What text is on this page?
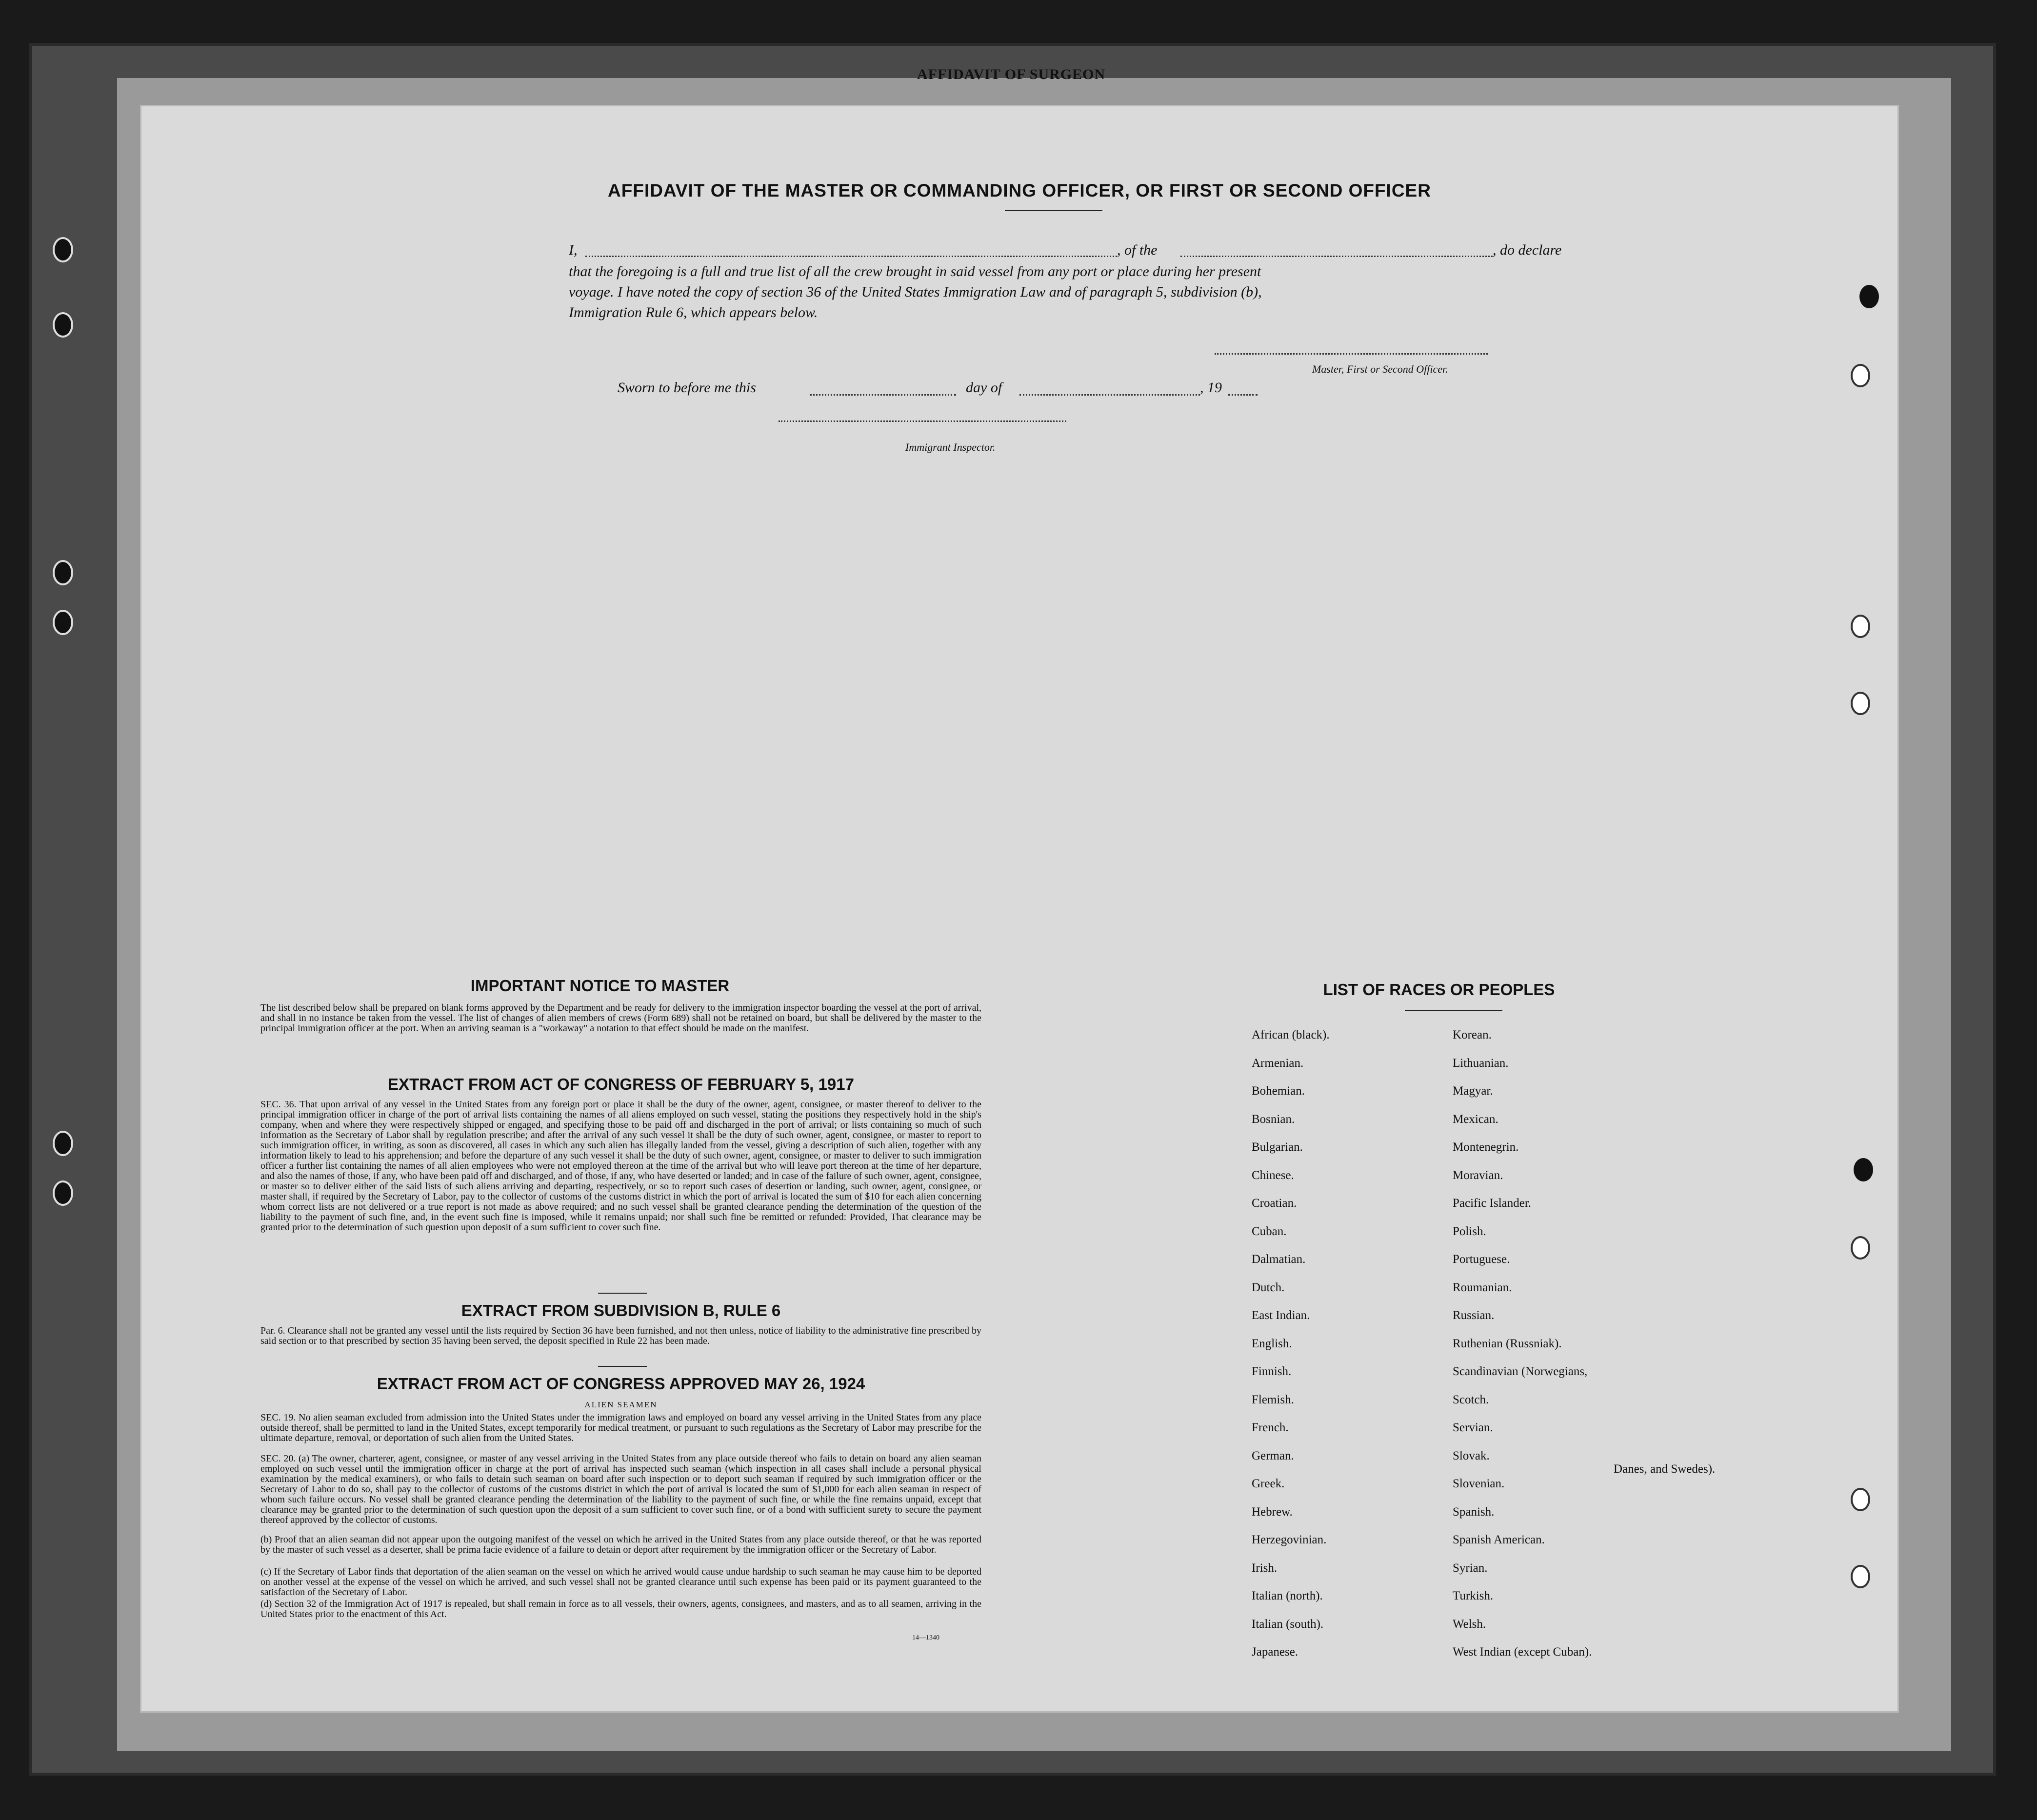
AFFIDAVIT OF SURGEON
AFFIDAVIT OF THE MASTER OR COMMANDING OFFICER, OR FIRST OR SECOND OFFICER
I,	, of the	, do declare
that the foregoing is a full and true list of all the crew brought in said vessel from any port or place during her present
voyage. I have noted the copy of section 36 of the United States Immigration Law and of paragraph 5, subdivision (b),
Immigration Rule 6, which appears below.
Master, First or Second Officer.
Sworn to before me this	day of	, 19
Immigrant Inspector.
IMPORTANT NOTICE TO MASTER
The list described below shall be prepared on blank forms approved by the Department and be ready for delivery to the immigration inspector boarding the vessel at the port of arrival, and shall in no instance be taken from the vessel. The list of changes of alien members of crews (Form 689) shall not be retained on board, but shall be delivered by the master to the principal immigration officer at the port. When an arriving seaman is a "workaway" a notation to that effect should be made on the manifest.
EXTRACT FROM ACT OF CONGRESS OF FEBRUARY 5, 1917
SEC. 36. That upon arrival of any vessel in the United States from any foreign port or place it shall be the duty of the owner, agent, consignee, or master thereof to deliver to the principal immigration officer in charge of the port of arrival lists containing the names of all aliens employed on such vessel, stating the positions they respectively hold in the ship's company, when and where they were respectively shipped or engaged, and specifying those to be paid off and discharged in the port of arrival; or lists containing so much of such information as the Secretary of Labor shall by regulation prescribe; and after the arrival of any such vessel it shall be the duty of such owner, agent, consignee, or master to report to such immigration officer, in writing, as soon as discovered, all cases in which any such alien has illegally landed from the vessel, giving a description of such alien, together with any information likely to lead to his apprehension; and before the departure of any such vessel it shall be the duty of such owner, agent, consignee, or master to deliver to such immigration officer a further list containing the names of all alien employees who were not employed thereon at the time of the arrival but who will leave port thereon at the time of her departure, and also the names of those, if any, who have been paid off and discharged, and of those, if any, who have deserted or landed; and in case of the failure of such owner, agent, consignee, or master so to deliver either of the said lists of such aliens arriving and departing, respectively, or so to report such cases of desertion or landing, such owner, agent, consignee, or master shall, if required by the Secretary of Labor, pay to the collector of customs of the customs district in which the port of arrival is located the sum of $10 for each alien concerning whom correct lists are not delivered or a true report is not made as above required; and no such vessel shall be granted clearance pending the determination of the question of the liability to the payment of such fine, and, in the event such fine is imposed, while it remains unpaid; nor shall such fine be remitted or refunded: Provided, That clearance may be granted prior to the determination of such question upon deposit of a sum sufficient to cover such fine.
EXTRACT FROM SUBDIVISION B, RULE 6
Par. 6. Clearance shall not be granted any vessel until the lists required by Section 36 have been furnished, and not then unless, notice of liability to the administrative fine prescribed by said section or to that prescribed by section 35 having been served, the deposit specified in Rule 22 has been made.
EXTRACT FROM ACT OF CONGRESS APPROVED MAY 26, 1924
ALIEN SEAMEN
SEC. 19. No alien seaman excluded from admission into the United States under the immigration laws and employed on board any vessel arriving in the United States from any place outside thereof, shall be permitted to land in the United States, except temporarily for medical treatment, or pursuant to such regulations as the Secretary of Labor may prescribe for the ultimate departure, removal, or deportation of such alien from the United States.
SEC. 20. (a) The owner, charterer, agent, consignee, or master of any vessel arriving in the United States from any place outside thereof who fails to detain on board any alien seaman employed on such vessel until the immigration officer in charge at the port of arrival has inspected such seaman (which inspection in all cases shall include a personal physical examination by the medical examiners), or who fails to detain such seaman on board after such inspection or to deport such seaman if required by such immigration officer or the Secretary of Labor to do so, shall pay to the collector of customs of the customs district in which the port of arrival is located the sum of $1,000 for each alien seaman in respect of whom such failure occurs. No vessel shall be granted clearance pending the determination of the liability to the payment of such fine, or while the fine remains unpaid, except that clearance may be granted prior to the determination of such question upon the deposit of a sum sufficient to cover such fine, or of a bond with sufficient surety to secure the payment thereof approved by the collector of customs.
(b) Proof that an alien seaman did not appear upon the outgoing manifest of the vessel on which he arrived in the United States from any place outside thereof, or that he was reported by the master of such vessel as a deserter, shall be prima facie evidence of a failure to detain or deport after requirement by the immigration officer or the Secretary of Labor.
(c) If the Secretary of Labor finds that deportation of the alien seaman on the vessel on which he arrived would cause undue hardship to such seaman he may cause him to be deported on another vessel at the expense of the vessel on which he arrived, and such vessel shall not be granted clearance until such expense has been paid or its payment guaranteed to the satisfaction of the Secretary of Labor.
(d) Section 32 of the Immigration Act of 1917 is repealed, but shall remain in force as to all vessels, their owners, agents, consignees, and masters, and as to all seamen, arriving in the United States prior to the enactment of this Act.
14—1340
LIST OF RACES OR PEOPLES
African (black).
Armenian.
Bohemian.
Bosnian.
Bulgarian.
Chinese.
Croatian.
Cuban.
Dalmatian.
Dutch.
East Indian.
English.
Finnish.
Flemish.
French.
German.
Greek.
Hebrew.
Herzegovinian.
Irish.
Italian (north).
Italian (south).
Japanese.
Korean.
Lithuanian.
Magyar.
Mexican.
Montenegrin.
Moravian.
Pacific Islander.
Polish.
Portuguese.
Roumanian.
Russian.
Ruthenian (Russniak).
Scandinavian (Norwegians,
Scotch.
Servian.
Slovak.
Slovenian.
Spanish.
Spanish American.
Syrian.
Turkish.
Welsh.
West Indian (except Cuban).
Danes, and Swedes).
